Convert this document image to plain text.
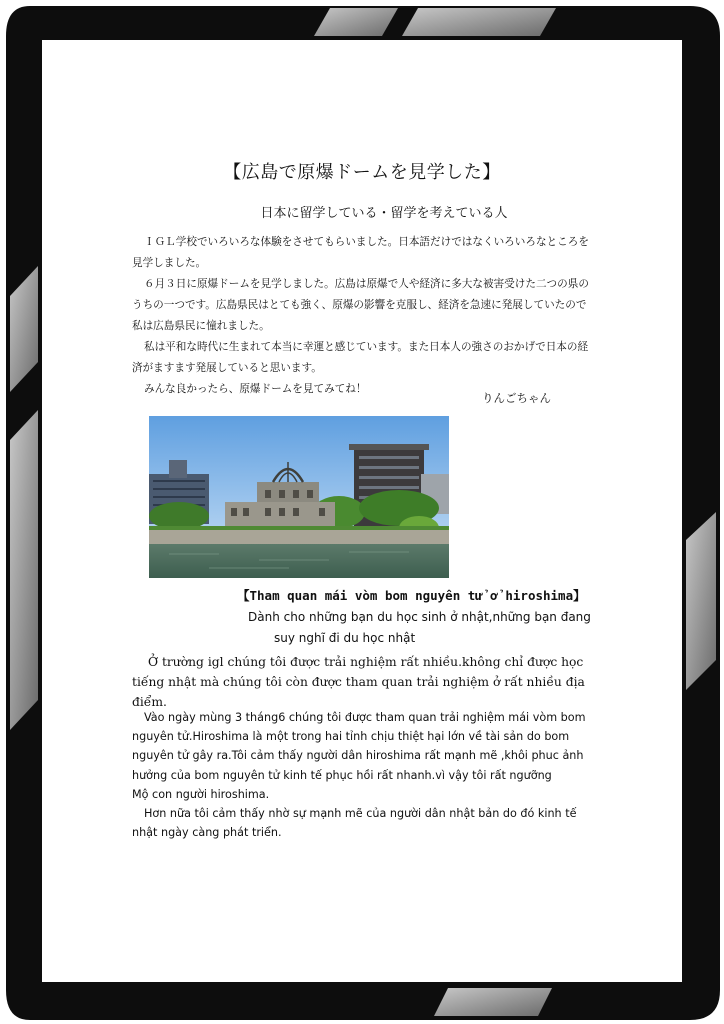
【広島で原爆ドームを見学した】
日本に留学している・留学を考えている人

ＩＧＬ学校でいろいろな体験をさせてもらいました。日本語だけではなくいろいろなところを見学しました。

６月３日に原爆ドームを見学しました。広島は原爆で人や経済に多大な被害受けた二つの県のうちの一つです。広島県民はとても強く、原爆の影響を克服し、経済を急速に発展していたので私は広島県民に憧れました。

私は平和な時代に生まれて本当に幸運と感じています。また日本人の強さのおかげで日本の経済がますます発展していると思います。

みんな良かったら、原爆ドームを見てみてね！

りんごちゃん
【Tham quan mái vòm bom nguyên tử ở hiroshima】
Dành cho những bạn du học sinh ở nhật,những bạn đang
suy nghĩ đi du học nhật
Ở trường igl chúng tôi được trải nghiệm rất nhiều.không chỉ được học tiếng nhật mà chúng tôi còn được tham quan trải nghiệm ở rất nhiều địa điểm.

Vào ngày mùng 3 tháng6 chúng tôi được tham quan trải nghiệm mái vòm bom nguyên tử.Hiroshima là một trong hai tỉnh chịu thiệt hại lớn về tài sản do bom nguyên tử gây ra.Tôi cảm thấy người dân hiroshima rất mạnh mẽ ,khôi phuc ảnh hưởng của bom nguyên tử kinh tế phục hồi rất nhanh.vì vậy tôi rất ngưỡng

Mộ con người hiroshima.

Hơn nữa tôi cảm thấy nhờ sự mạnh mẽ của người dân nhật bản do đó kinh tế nhật ngày càng phát triển.
